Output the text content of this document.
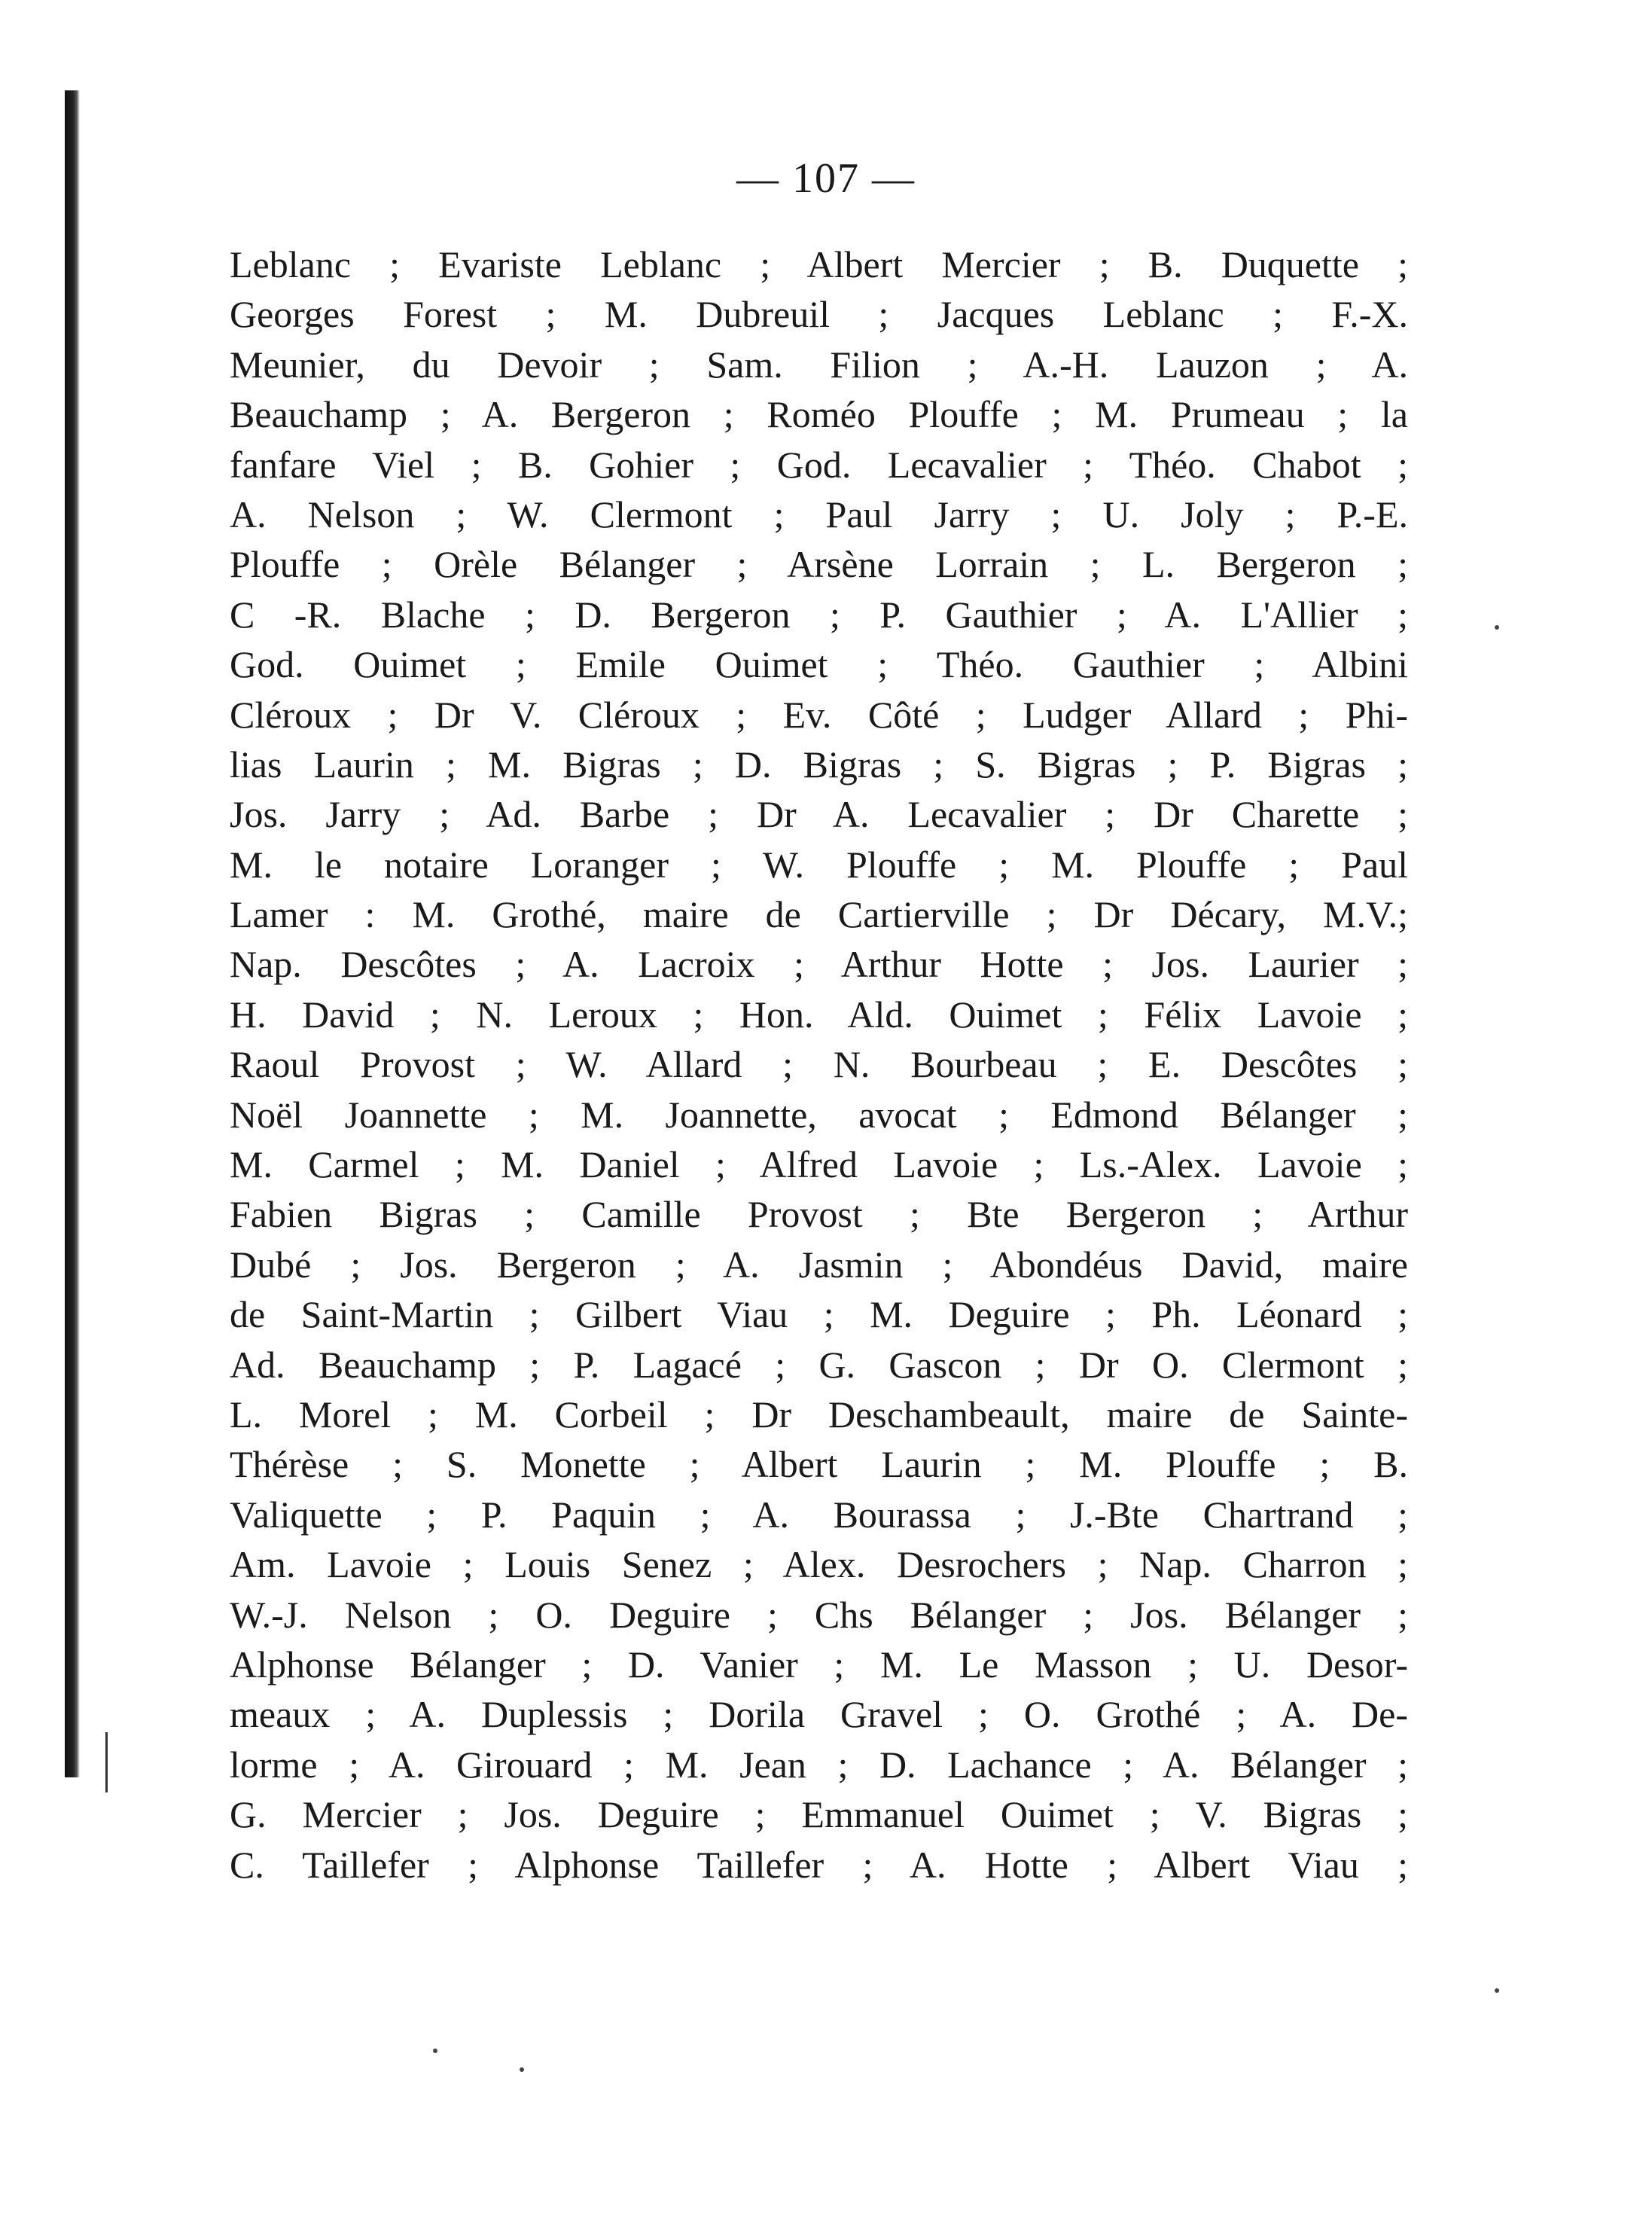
— 107 —
Leblanc ; Evariste Leblanc ; Albert Mercier ; B. Duquette ;
Georges Forest ; M. Dubreuil ; Jacques Leblanc ; F.-X.
Meunier, du Devoir ; Sam. Filion ; A.-H. Lauzon ; A.
Beauchamp ; A. Bergeron ; Roméo Plouffe ; M. Prumeau ; la
fanfare Viel ; B. Gohier ; God. Lecavalier ; Théo. Chabot ;
A. Nelson ; W. Clermont ; Paul Jarry ; U. Joly ; P.-E.
Plouffe ; Orèle Bélanger ; Arsène Lorrain ; L. Bergeron ;
C -R. Blache ; D. Bergeron ; P. Gauthier ; A. L'Allier ;
God. Ouimet ; Emile Ouimet ; Théo. Gauthier ; Albini
Cléroux ; Dr V. Cléroux ; Ev. Côté ; Ludger Allard ; Phi-
lias Laurin ; M. Bigras ; D. Bigras ; S. Bigras ; P. Bigras ;
Jos. Jarry ; Ad. Barbe ; Dr A. Lecavalier ; Dr Charette ;
M. le notaire Loranger ; W. Plouffe ; M. Plouffe ; Paul
Lamer : M. Grothé, maire de Cartierville ; Dr Décary, M.V.;
Nap. Descôtes ; A. Lacroix ; Arthur Hotte ; Jos. Laurier ;
H. David ; N. Leroux ; Hon. Ald. Ouimet ; Félix Lavoie ;
Raoul Provost ; W. Allard ; N. Bourbeau ; E. Descôtes ;
Noël Joannette ; M. Joannette, avocat ; Edmond Bélanger ;
M. Carmel ; M. Daniel ; Alfred Lavoie ; Ls.-Alex. Lavoie ;
Fabien Bigras ; Camille Provost ; Bte Bergeron ; Arthur
Dubé ; Jos. Bergeron ; A. Jasmin ; Abondéus David, maire
de Saint-Martin ; Gilbert Viau ; M. Deguire ; Ph. Léonard ;
Ad. Beauchamp ; P. Lagacé ; G. Gascon ; Dr O. Clermont ;
L. Morel ; M. Corbeil ; Dr Deschambeault, maire de Sainte-
Thérèse ; S. Monette ; Albert Laurin ; M. Plouffe ; B.
Valiquette ; P. Paquin ; A. Bourassa ; J.-Bte Chartrand ;
Am. Lavoie ; Louis Senez ; Alex. Desrochers ; Nap. Charron ;
W.-J. Nelson ; O. Deguire ; Chs Bélanger ; Jos. Bélanger ;
Alphonse Bélanger ; D. Vanier ; M. Le Masson ; U. Desor-
meaux ; A. Duplessis ; Dorila Gravel ; O. Grothé ; A. De-
lorme ; A. Girouard ; M. Jean ; D. Lachance ; A. Bélanger ;
G. Mercier ; Jos. Deguire ; Emmanuel Ouimet ; V. Bigras ;
C. Taillefer ; Alphonse Taillefer ; A. Hotte ; Albert Viau ;
